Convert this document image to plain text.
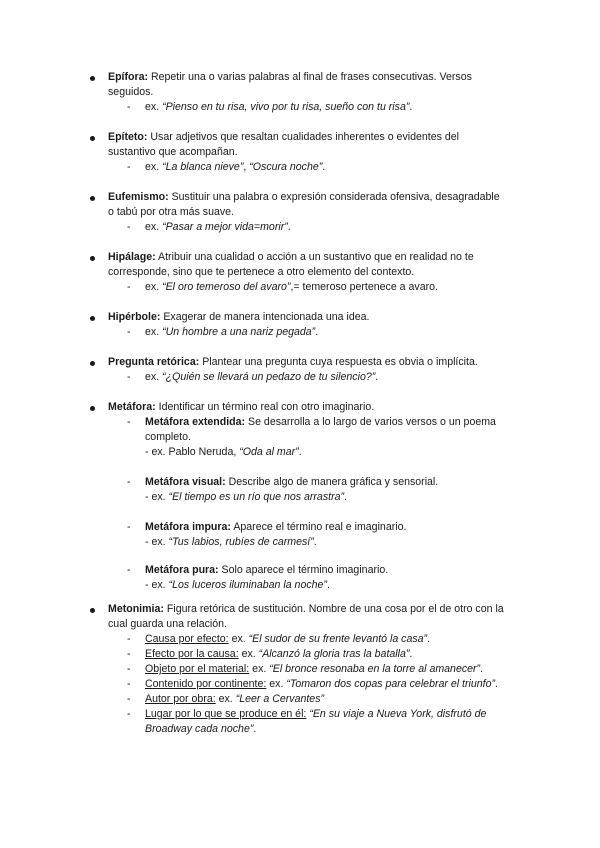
Epífora: Repetir una o varias palabras al final de frases consecutivas. Versos
seguidos.
- ex. “Pienso en tu risa, vivo por tu risa, sueño con tu risa”.
Epíteto: Usar adjetivos que resaltan cualidades inherentes o evidentes del
sustantivo que acompañan.
- ex. “La blanca nieve”, “Oscura noche”.
Eufemismo: Sustituir una palabra o expresión considerada ofensiva, desagradable
o tabú por otra más suave.
- ex. “Pasar a mejor vida=morir”.
Hipálage: Atribuir una cualidad o acción a un sustantivo que en realidad no te
corresponde, sino que te pertenece a otro elemento del contexto.
- ex. “El oro temeroso del avaro”,= temeroso pertenece a avaro.
Hipérbole: Exagerar de manera intencionada una idea.
- ex. “Un hombre a una nariz pegada”.
Pregunta retórica: Plantear una pregunta cuya respuesta es obvia o implícita.
- ex. “¿Quién se llevará un pedazo de tu silencio?”.
Metáfora: Identificar un término real con otro imaginario.
- Metáfora extendida: Se desarrolla a lo largo de varios versos o un poema
completo.
- ex. Pablo Neruda, “Oda al mar”.
- Metáfora visual: Describe algo de manera gráfica y sensorial.
- ex. “El tiempo es un río que nos arrastra”.
- Metáfora impura: Aparece el término real e imaginario.
- ex. “Tus labios, rubíes de carmesí”.
- Metáfora pura: Solo aparece el término imaginario.
- ex. “Los luceros iluminaban la noche”.
Metonimia: Figura retórica de sustitución. Nombre de una cosa por el de otro con la
cual guarda una relación.
- Causa por efecto: ex. “El sudor de su frente levantó la casa”.
- Efecto por la causa: ex. “Alcanzó la gloria tras la batalla”.
- Objeto por el material: ex. “El bronce resonaba en la torre al amanecer”.
- Contenido por continente: ex. “Tomaron dos copas para celebrar el triunfo”.
- Autor por obra: ex. “Leer a Cervantes”
- Lugar por lo que se produce en él: “En su viaje a Nueva York, disfrutó de
Broadway cada noche”.
